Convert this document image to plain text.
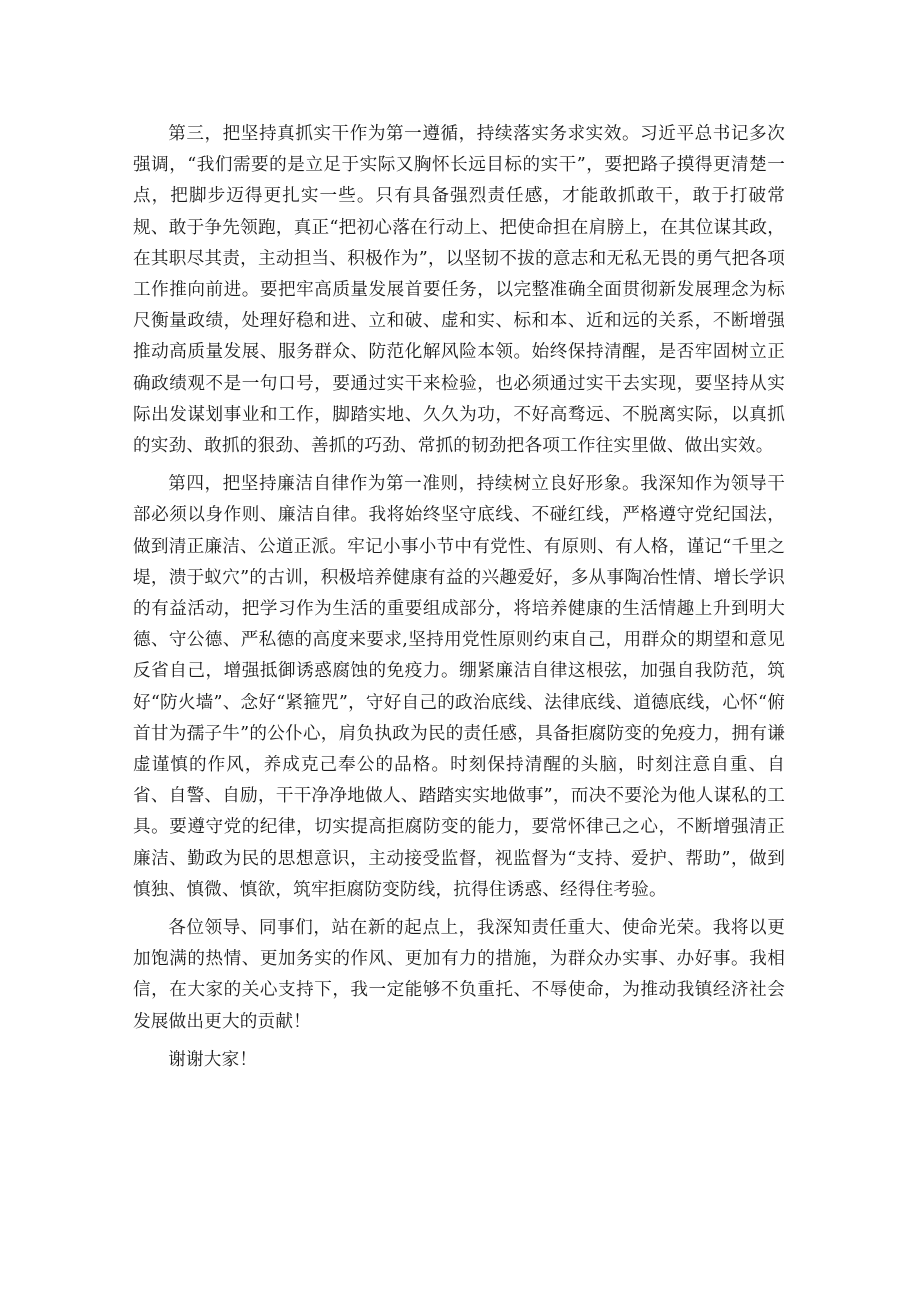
第三，把坚持真抓实干作为第一遵循，持续落实务求实效。习近平总书记多次强调，“我们需要的是立足于实际又胸怀长远目标的实干”，要把路子摸得更清楚一点，把脚步迈得更扎实一些。只有具备强烈责任感，才能敢抓敢干，敢于打破常规、敢于争先领跑，真正“把初心落在行动上、把使命担在肩膀上，在其位谋其政，在其职尽其责，主动担当、积极作为”，以坚韧不拔的意志和无私无畏的勇气把各项工作推向前进。要把牢高质量发展首要任务，以完整准确全面贯彻新发展理念为标尺衡量政绩，处理好稳和进、立和破、虚和实、标和本、近和远的关系，不断增强推动高质量发展、服务群众、防范化解风险本领。始终保持清醒，是否牢固树立正确政绩观不是一句口号，要通过实干来检验，也必须通过实干去实现，要坚持从实际出发谋划事业和工作，脚踏实地、久久为功，不好高骛远、不脱离实际，以真抓的实劲、敢抓的狠劲、善抓的巧劲、常抓的韧劲把各项工作往实里做、做出实效。

第四，把坚持廉洁自律作为第一准则，持续树立良好形象。我深知作为领导干部必须以身作则、廉洁自律。我将始终坚守底线、不碰红线，严格遵守党纪国法，做到清正廉洁、公道正派。牢记小事小节中有党性、有原则、有人格，谨记“千里之堤，溃于蚁穴”的古训，积极培养健康有益的兴趣爱好，多从事陶冶性情、增长学识的有益活动，把学习作为生活的重要组成部分，将培养健康的生活情趣上升到明大德、守公德、严私德的高度来要求,坚持用党性原则约束自己，用群众的期望和意见反省自己，增强抵御诱惑腐蚀的免疫力。绷紧廉洁自律这根弦，加强自我防范，筑好“防火墙”、念好“紧箍咒”，守好自己的政治底线、法律底线、道德底线，心怀“俯首甘为孺子牛”的公仆心，肩负执政为民的责任感，具备拒腐防变的免疫力，拥有谦虚谨慎的作风，养成克己奉公的品格。时刻保持清醒的头脑，时刻注意自重、自省、自警、自励，干干净净地做人、踏踏实实地做事”，而决不要沦为他人谋私的工具。要遵守党的纪律，切实提高拒腐防变的能力，要常怀律己之心，不断增强清正廉洁、勤政为民的思想意识，主动接受监督，视监督为“支持、爱护、帮助”，做到慎独、慎微、慎欲，筑牢拒腐防变防线，抗得住诱惑、经得住考验。

各位领导、同事们，站在新的起点上，我深知责任重大、使命光荣。我将以更加饱满的热情、更加务实的作风、更加有力的措施，为群众办实事、办好事。我相信，在大家的关心支持下，我一定能够不负重托、不辱使命，为推动我镇经济社会发展做出更大的贡献！

谢谢大家！
